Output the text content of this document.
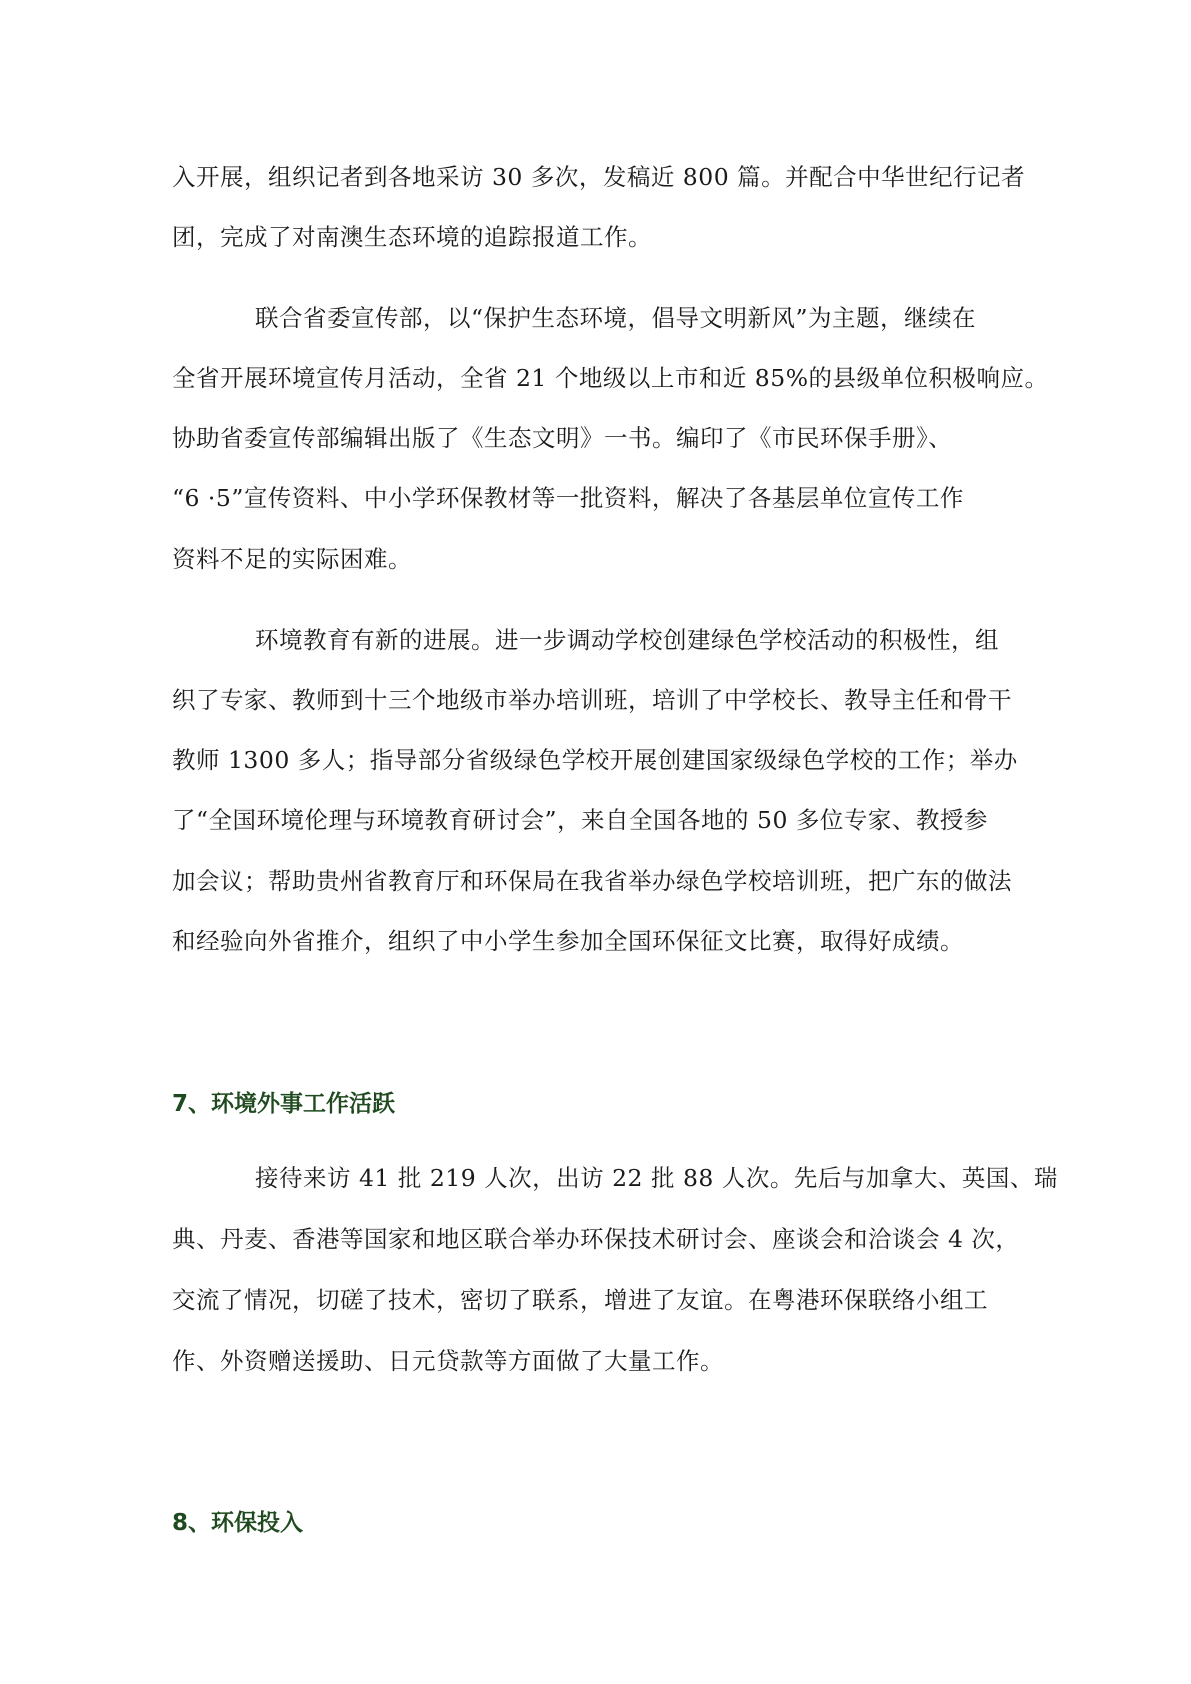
入开展，组织记者到各地采访 30 多次，发稿近 800 篇。并配合中华世纪行记者
团，完成了对南澳生态环境的追踪报道工作。
联合省委宣传部，以“保护生态环境，倡导文明新风”为主题，继续在
全省开展环境宣传月活动，全省 21 个地级以上市和近 85%的县级单位积极响应。
协助省委宣传部编辑出版了《生态文明》一书。编印了《市民环保手册》、
“6 ·5”宣传资料、中小学环保教材等一批资料，解决了各基层单位宣传工作
资料不足的实际困难。
环境教育有新的进展。进一步调动学校创建绿色学校活动的积极性，组
织了专家、教师到十三个地级市举办培训班，培训了中学校长、教导主任和骨干
教师 1300 多人；指导部分省级绿色学校开展创建国家级绿色学校的工作；举办
了“全国环境伦理与环境教育研讨会”，来自全国各地的 50 多位专家、教授参
加会议；帮助贵州省教育厅和环保局在我省举办绿色学校培训班，把广东的做法
和经验向外省推介，组织了中小学生参加全国环保征文比赛，取得好成绩。
7、环境外事工作活跃
接待来访 41 批 219 人次，出访 22 批 88 人次。先后与加拿大、英国、瑞
典、丹麦、香港等国家和地区联合举办环保技术研讨会、座谈会和洽谈会 4 次，
交流了情况，切磋了技术，密切了联系，增进了友谊。在粤港环保联络小组工
作、外资赠送援助、日元贷款等方面做了大量工作。
8、环保投入
